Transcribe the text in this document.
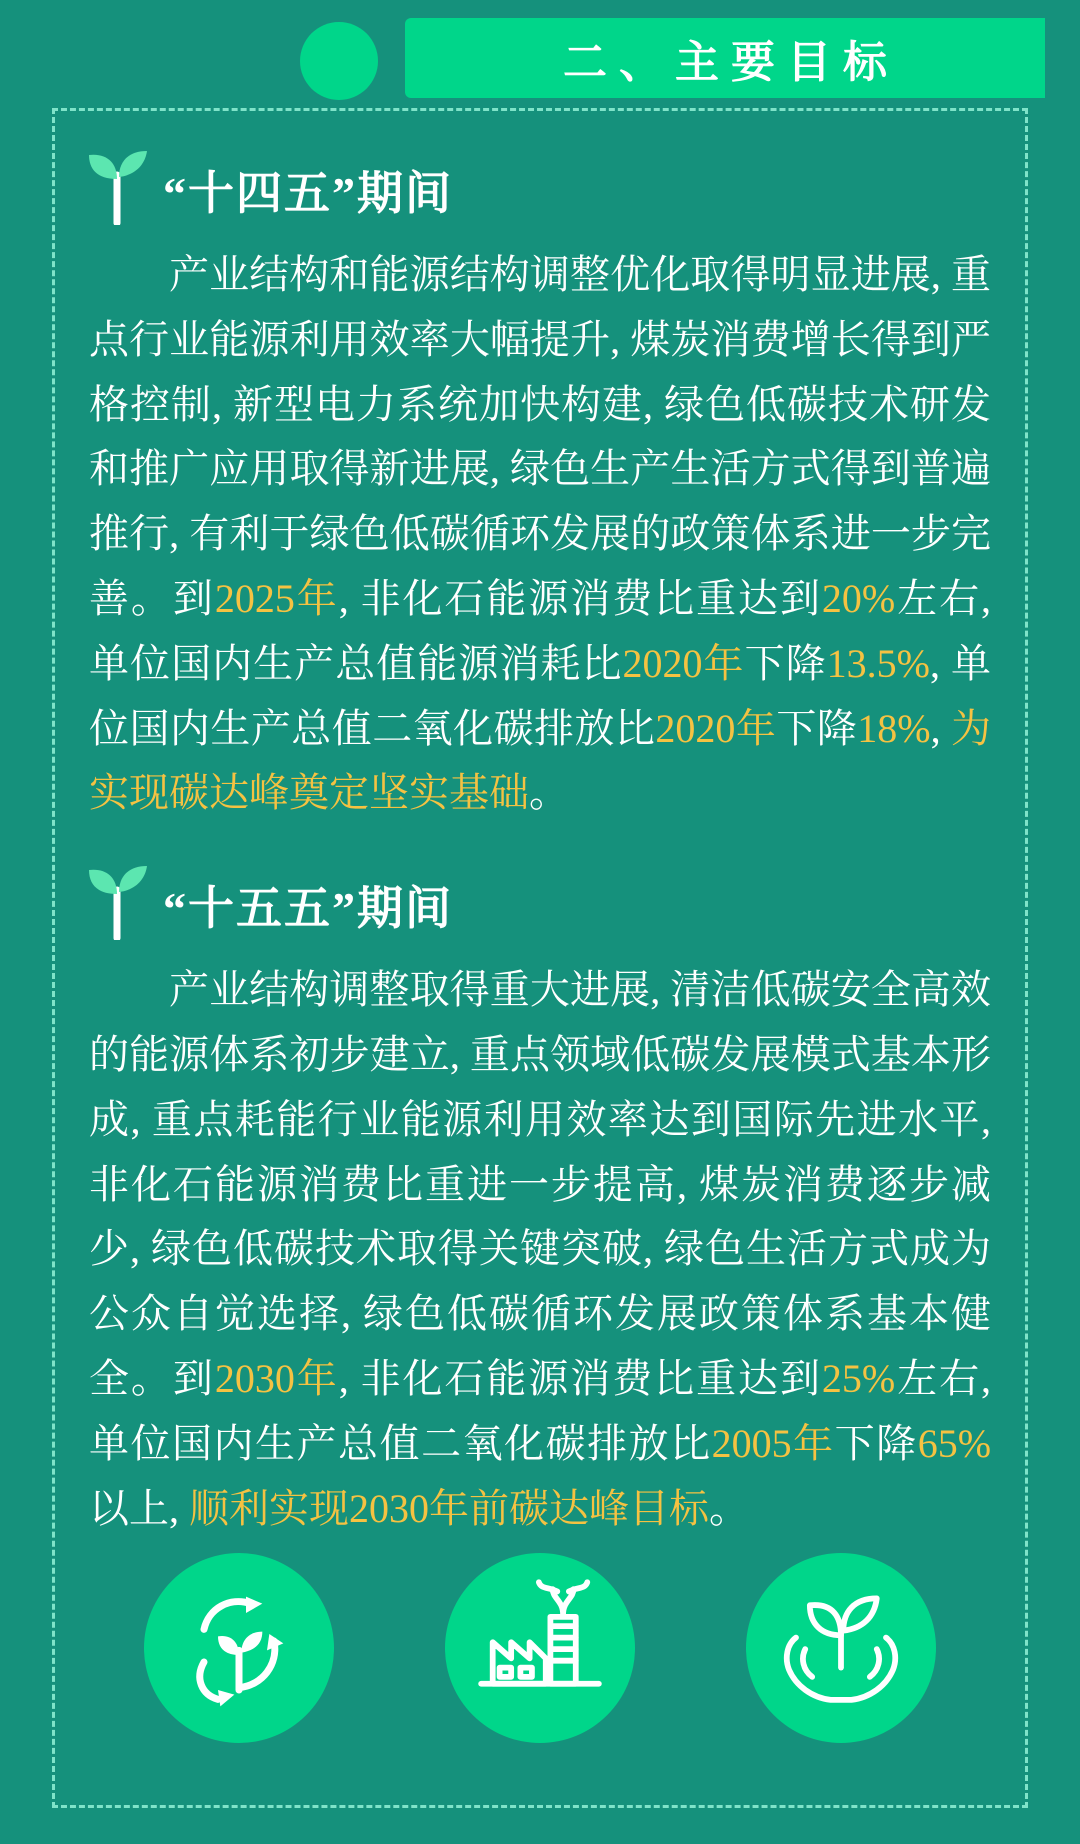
二、主要目标
“十四五”期间

产业结构和能源结构调整优化取得明显进展, 重点行业能源利用效率大幅提升, 煤炭消费增长得到严格控制, 新型电力系统加快构建, 绿色低碳技术研发和推广应用取得新进展, 绿色生产生活方式得到普遍推行, 有利于绿色低碳循环发展的政策体系进一步完善。到2025年, 非化石能源消费比重达到20%左右, 单位国内生产总值能源消耗比2020年下降13.5%, 单位国内生产总值二氧化碳排放比2020年下降18%, 为实现碳达峰奠定坚实基础。

“十五五”期间

产业结构调整取得重大进展, 清洁低碳安全高效的能源体系初步建立, 重点领域低碳发展模式基本形成, 重点耗能行业能源利用效率达到国际先进水平, 非化石能源消费比重进一步提高, 煤炭消费逐步减少, 绿色低碳技术取得关键突破, 绿色生活方式成为公众自觉选择, 绿色低碳循环发展政策体系基本健全。到2030年, 非化石能源消费比重达到25%左右, 单位国内生产总值二氧化碳排放比2005年下降65%以上, 顺利实现2030年前碳达峰目标。
